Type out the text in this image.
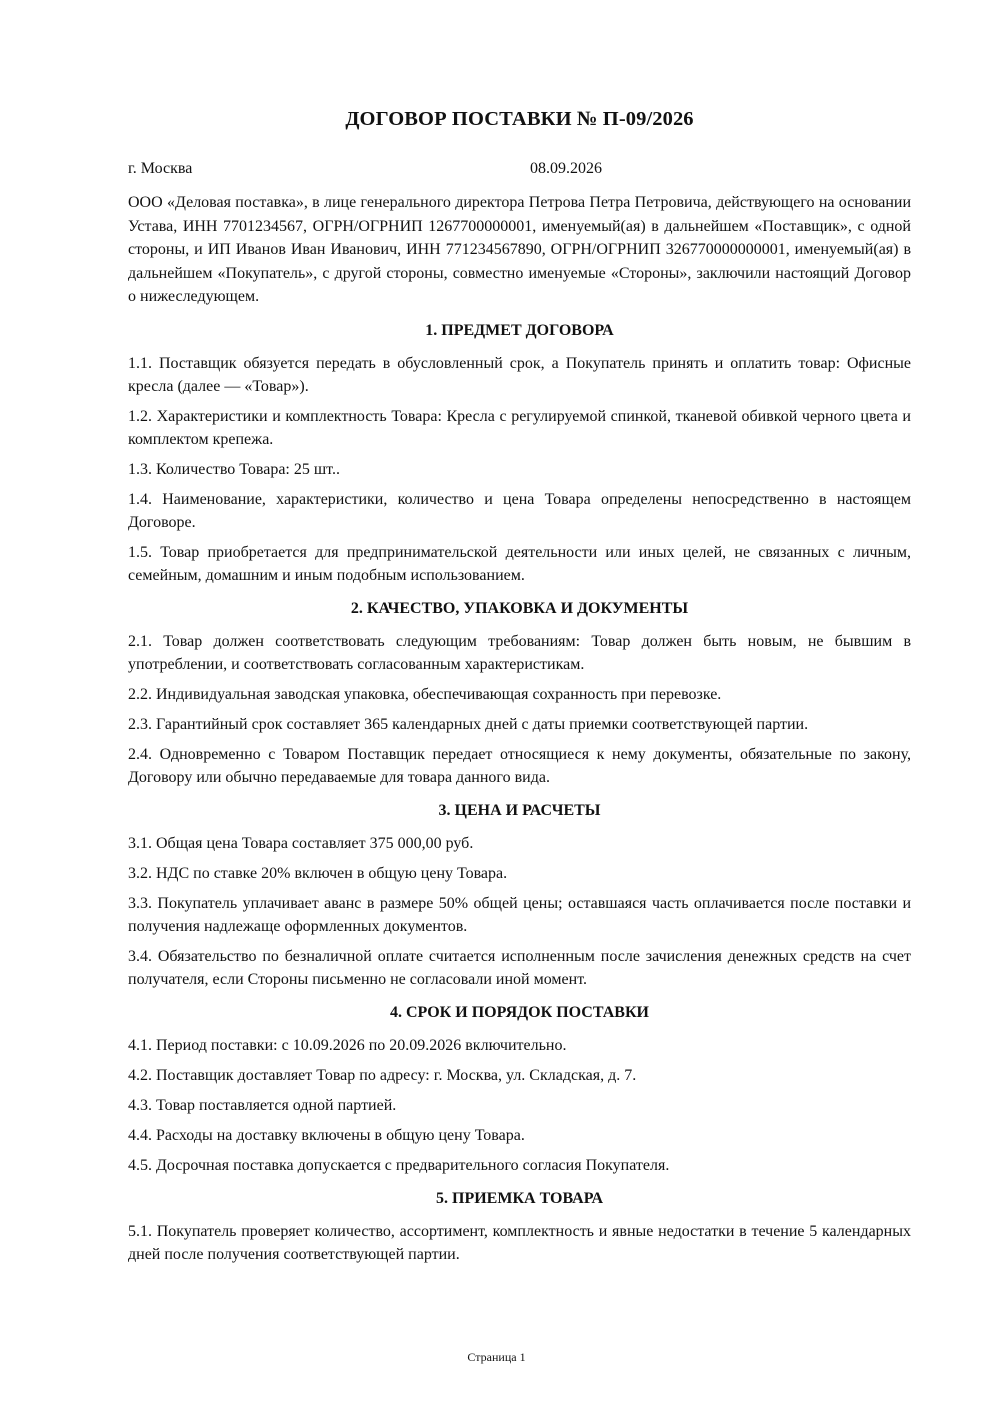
ДОГОВОР ПОСТАВКИ № П-09/2026
г. Москва	08.09.2026

ООО «Деловая поставка», в лице генерального директора Петрова Петра Петровича, действующего на основании Устава, ИНН 7701234567, ОГРН/ОГРНИП 1267700000001, именуемый(ая) в дальнейшем «Поставщик», с одной стороны, и ИП Иванов Иван Иванович, ИНН 771234567890, ОГРН/ОГРНИП 326770000000001, именуемый(ая) в дальнейшем «Покупатель», с другой стороны, совместно именуемые «Стороны», заключили настоящий Договор о нижеследующем.

1. ПРЕДМЕТ ДОГОВОРА

1.1. Поставщик обязуется передать в обусловленный срок, а Покупатель принять и оплатить товар: Офисные кресла (далее — «Товар»).

1.2. Характеристики и комплектность Товара: Кресла с регулируемой спинкой, тканевой обивкой черного цвета и комплектом крепежа.

1.3. Количество Товара: 25 шт..

1.4. Наименование, характеристики, количество и цена Товара определены непосредственно в настоящем Договоре.

1.5. Товар приобретается для предпринимательской деятельности или иных целей, не связанных с личным, семейным, домашним и иным подобным использованием.

2. КАЧЕСТВО, УПАКОВКА И ДОКУМЕНТЫ

2.1. Товар должен соответствовать следующим требованиям: Товар должен быть новым, не бывшим в употреблении, и соответствовать согласованным характеристикам.

2.2. Индивидуальная заводская упаковка, обеспечивающая сохранность при перевозке.

2.3. Гарантийный срок составляет 365 календарных дней с даты приемки соответствующей партии.

2.4. Одновременно с Товаром Поставщик передает относящиеся к нему документы, обязательные по закону, Договору или обычно передаваемые для товара данного вида.

3. ЦЕНА И РАСЧЕТЫ

3.1. Общая цена Товара составляет 375 000,00 руб.

3.2. НДС по ставке 20% включен в общую цену Товара.

3.3. Покупатель уплачивает аванс в размере 50% общей цены; оставшаяся часть оплачивается после поставки и получения надлежаще оформленных документов.

3.4. Обязательство по безналичной оплате считается исполненным после зачисления денежных средств на счет получателя, если Стороны письменно не согласовали иной момент.

4. СРОК И ПОРЯДОК ПОСТАВКИ

4.1. Период поставки: с 10.09.2026 по 20.09.2026 включительно.

4.2. Поставщик доставляет Товар по адресу: г. Москва, ул. Складская, д. 7.

4.3. Товар поставляется одной партией.

4.4. Расходы на доставку включены в общую цену Товара.

4.5. Досрочная поставка допускается с предварительного согласия Покупателя.

5. ПРИЕМКА ТОВАРА

5.1. Покупатель проверяет количество, ассортимент, комплектность и явные недостатки в течение 5 календарных дней после получения соответствующей партии.

Страница 1
